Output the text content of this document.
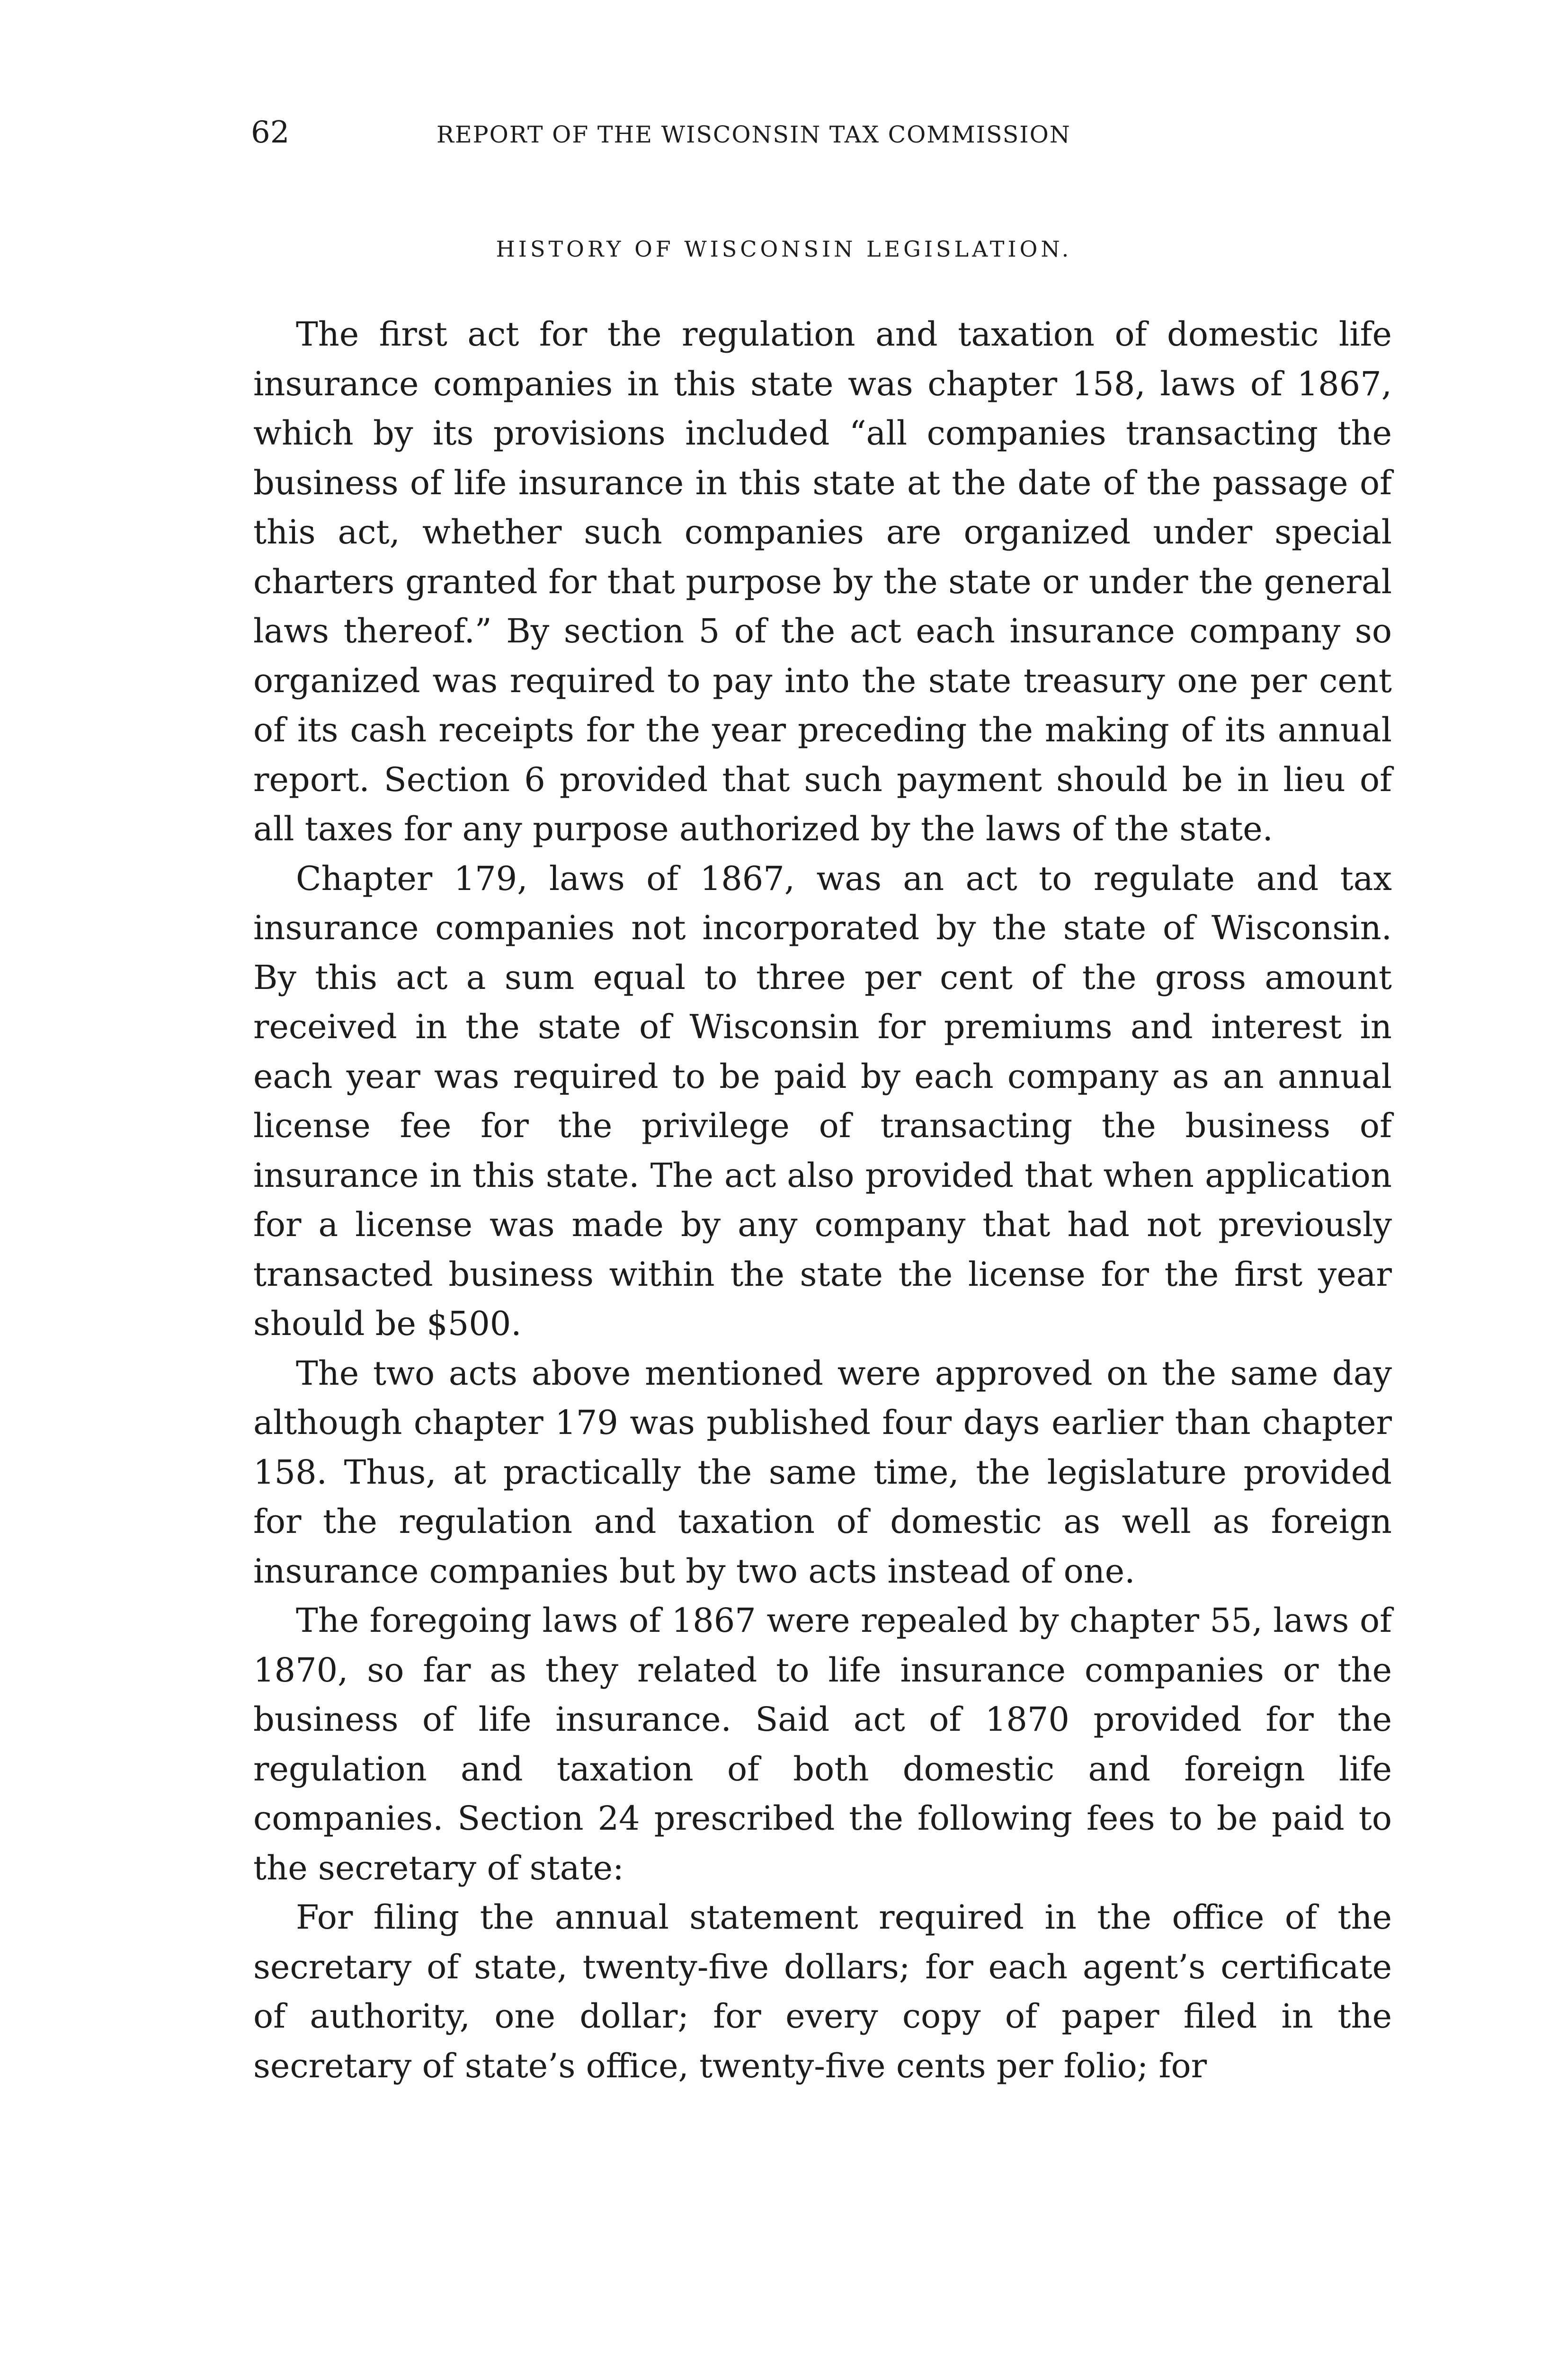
62	REPORT OF THE WISCONSIN TAX COMMISSION
HISTORY OF WISCONSIN LEGISLATION.

The first act for the regulation and taxation of domestic life insurance companies in this state was chapter 158, laws of 1867, which by its provisions included “all companies transacting the business of life insurance in this state at the date of the passage of this act, whether such companies are organized under special charters granted for that purpose by the state or under the general laws thereof.” By section 5 of the act each insurance company so organized was required to pay into the state treasury one per cent of its cash receipts for the year preceding the making of its annual report. Section 6 provided that such payment should be in lieu of all taxes for any purpose authorized by the laws of the state.

Chapter 179, laws of 1867, was an act to regulate and tax insurance companies not incorporated by the state of Wisconsin. By this act a sum equal to three per cent of the gross amount received in the state of Wisconsin for premiums and interest in each year was required to be paid by each company as an annual license fee for the privilege of transacting the business of insurance in this state. The act also provided that when application for a license was made by any company that had not previously transacted business within the state the license for the first year should be $500.

The two acts above mentioned were approved on the same day although chapter 179 was published four days earlier than chapter 158. Thus, at practically the same time, the legislature provided for the regulation and taxation of domestic as well as foreign insurance companies but by two acts instead of one.

The foregoing laws of 1867 were repealed by chapter 55, laws of 1870, so far as they related to life insurance companies or the business of life insurance. Said act of 1870 provided for the regulation and taxation of both domestic and foreign life companies. Section 24 prescribed the following fees to be paid to the secretary of state:

For filing the annual statement required in the office of the secretary of state, twenty-five dollars; for each agent’s certificate of authority, one dollar; for every copy of paper filed in the secretary of state’s office, twenty-five cents per folio; for
